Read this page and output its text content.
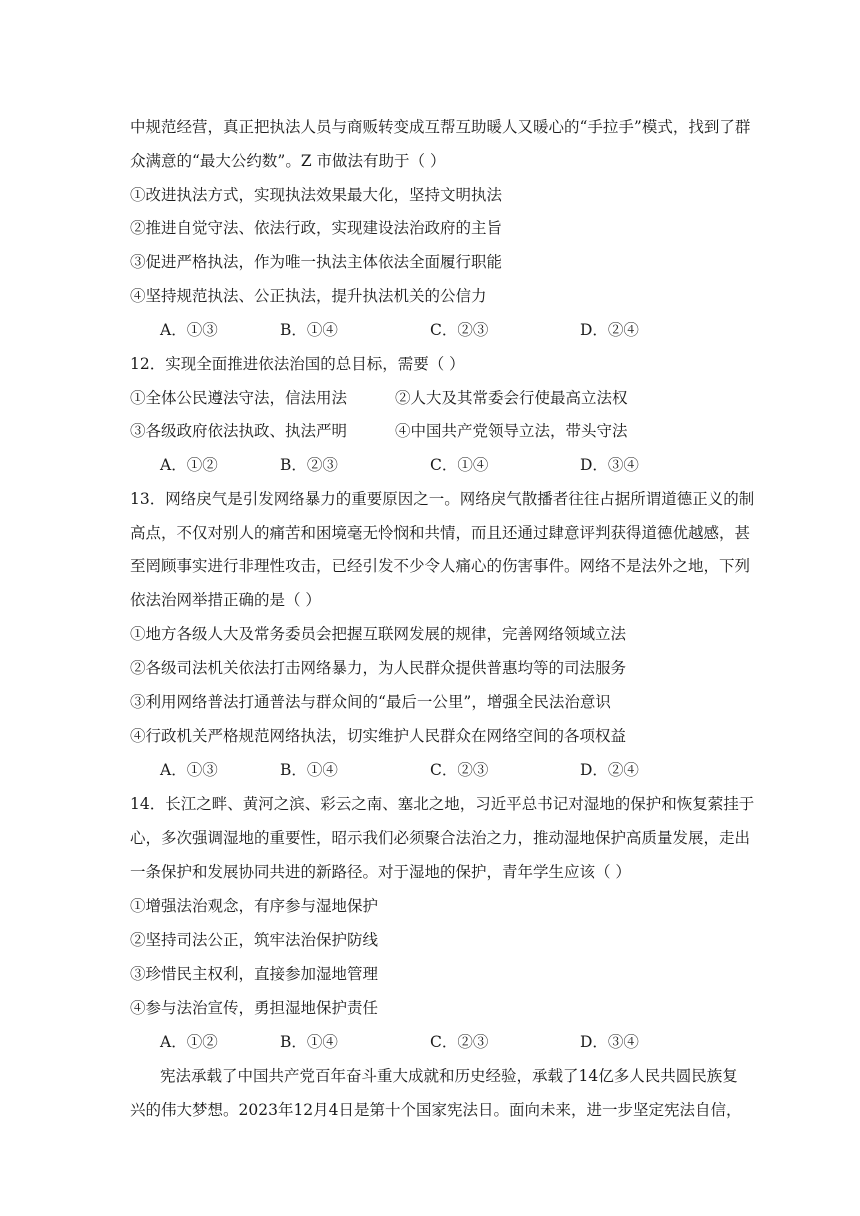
中规范经营，真正把执法人员与商贩转变成互帮互助暖人又暖心的“手拉手”模式，找到了群
众满意的“最大公约数”。Z 市做法有助于（ ）
①改进执法方式，实现执法效果最大化，坚持文明执法
②推进自觉守法、依法行政，实现建设法治政府的主旨
③促进严格执法，作为唯一执法主体依法全面履行职能
④坚持规范执法、公正执法，提升执法机关的公信力
A．①③	B．①④	C．②③	D．②④
12．实现全面推进依法治国的总目标，需要（ ）
①全体公民遵法守法，信法用法	②人大及其常委会行使最高立法权
③各级政府依法执政、执法严明	④中国共产党领导立法，带头守法
A．①②	B．②③	C．①④	D．③④
13．网络戾气是引发网络暴力的重要原因之一。网络戾气散播者往往占据所谓道德正义的制
高点，不仅对别人的痛苦和困境毫无怜悯和共情，而且还通过肆意评判获得道德优越感，甚
至罔顾事实进行非理性攻击，已经引发不少令人痛心的伤害事件。网络不是法外之地，下列
依法治网举措正确的是（ ）
①地方各级人大及常务委员会把握互联网发展的规律，完善网络领域立法
②各级司法机关依法打击网络暴力，为人民群众提供普惠均等的司法服务
③利用网络普法打通普法与群众间的“最后一公里”，增强全民法治意识
④行政机关严格规范网络执法，切实维护人民群众在网络空间的各项权益
A．①③	B．①④	C．②③	D．②④
14．长江之畔、黄河之滨、彩云之南、塞北之地，习近平总书记对湿地的保护和恢复萦挂于
心，多次强调湿地的重要性，昭示我们必须聚合法治之力，推动湿地保护高质量发展，走出
一条保护和发展协同共进的新路径。对于湿地的保护，青年学生应该（ ）
①增强法治观念，有序参与湿地保护
②坚持司法公正，筑牢法治保护防线
③珍惜民主权利，直接参加湿地管理
④参与法治宣传，勇担湿地保护责任
A．①②	B．①④	C．②③	D．③④
宪法承载了中国共产党百年奋斗重大成就和历史经验，承载了14亿多人民共圆民族复
兴的伟大梦想。2023年12月4日是第十个国家宪法日。面向未来，进一步坚定宪法自信，
